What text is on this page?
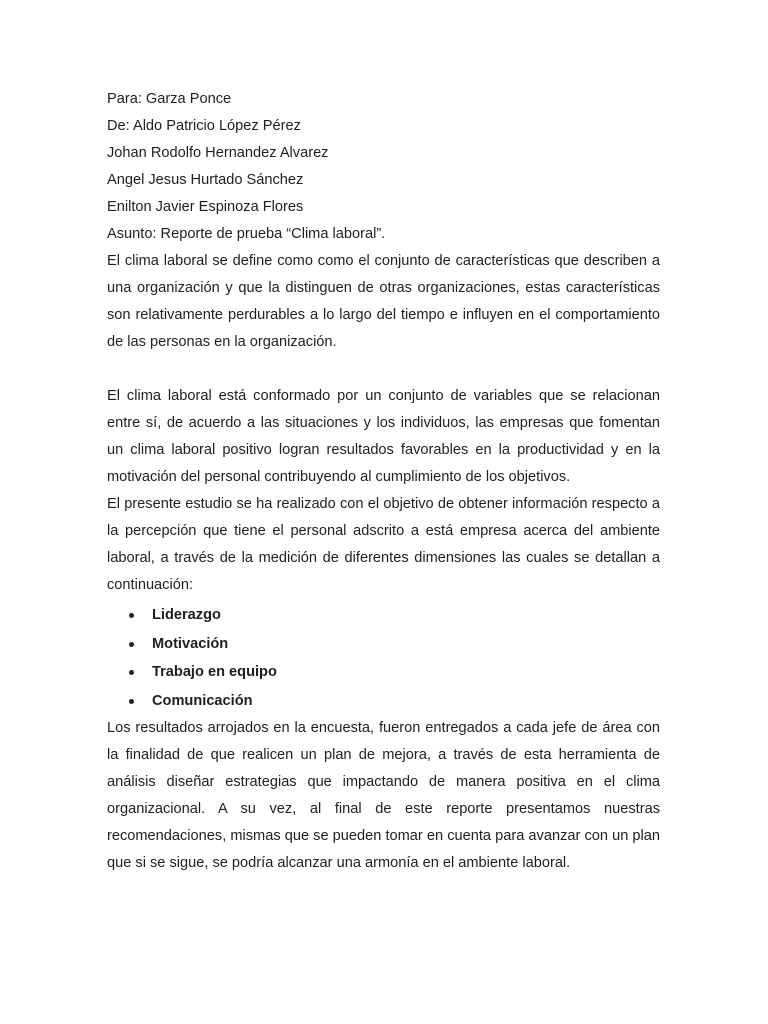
Para: Garza Ponce
De: Aldo Patricio López Pérez
Johan Rodolfo Hernandez Alvarez
Angel Jesus Hurtado Sánchez
Enilton Javier Espinoza Flores
Asunto: Reporte de prueba “Clima laboral”.

El clima laboral se define como como el conjunto de características que describen a una organización y que la distinguen de otras organizaciones, estas características son relativamente perdurables a lo largo del tiempo e influyen en el comportamiento de las personas en la organización.

El clima laboral está conformado por un conjunto de variables que se relacionan entre sí, de acuerdo a las situaciones y los individuos, las empresas que fomentan un clima laboral positivo logran resultados favorables en la productividad y en la motivación del personal contribuyendo al cumplimiento de los objetivos.

El presente estudio se ha realizado con el objetivo de obtener información respecto a la percepción que tiene el personal adscrito a está empresa acerca del ambiente laboral, a través de la medición de diferentes dimensiones las cuales se detallan a continuación:

Liderazgo
Motivación
Trabajo en equipo
Comunicación

Los resultados arrojados en la encuesta, fueron entregados a cada jefe de área con la finalidad de que realicen un plan de mejora, a través de esta herramienta de análisis diseñar estrategias que impactando de manera positiva en el clima organizacional. A su vez, al final de este reporte presentamos nuestras recomendaciones, mismas que se pueden tomar en cuenta para avanzar con un plan que si se sigue, se podría alcanzar una armonía en el ambiente laboral.
